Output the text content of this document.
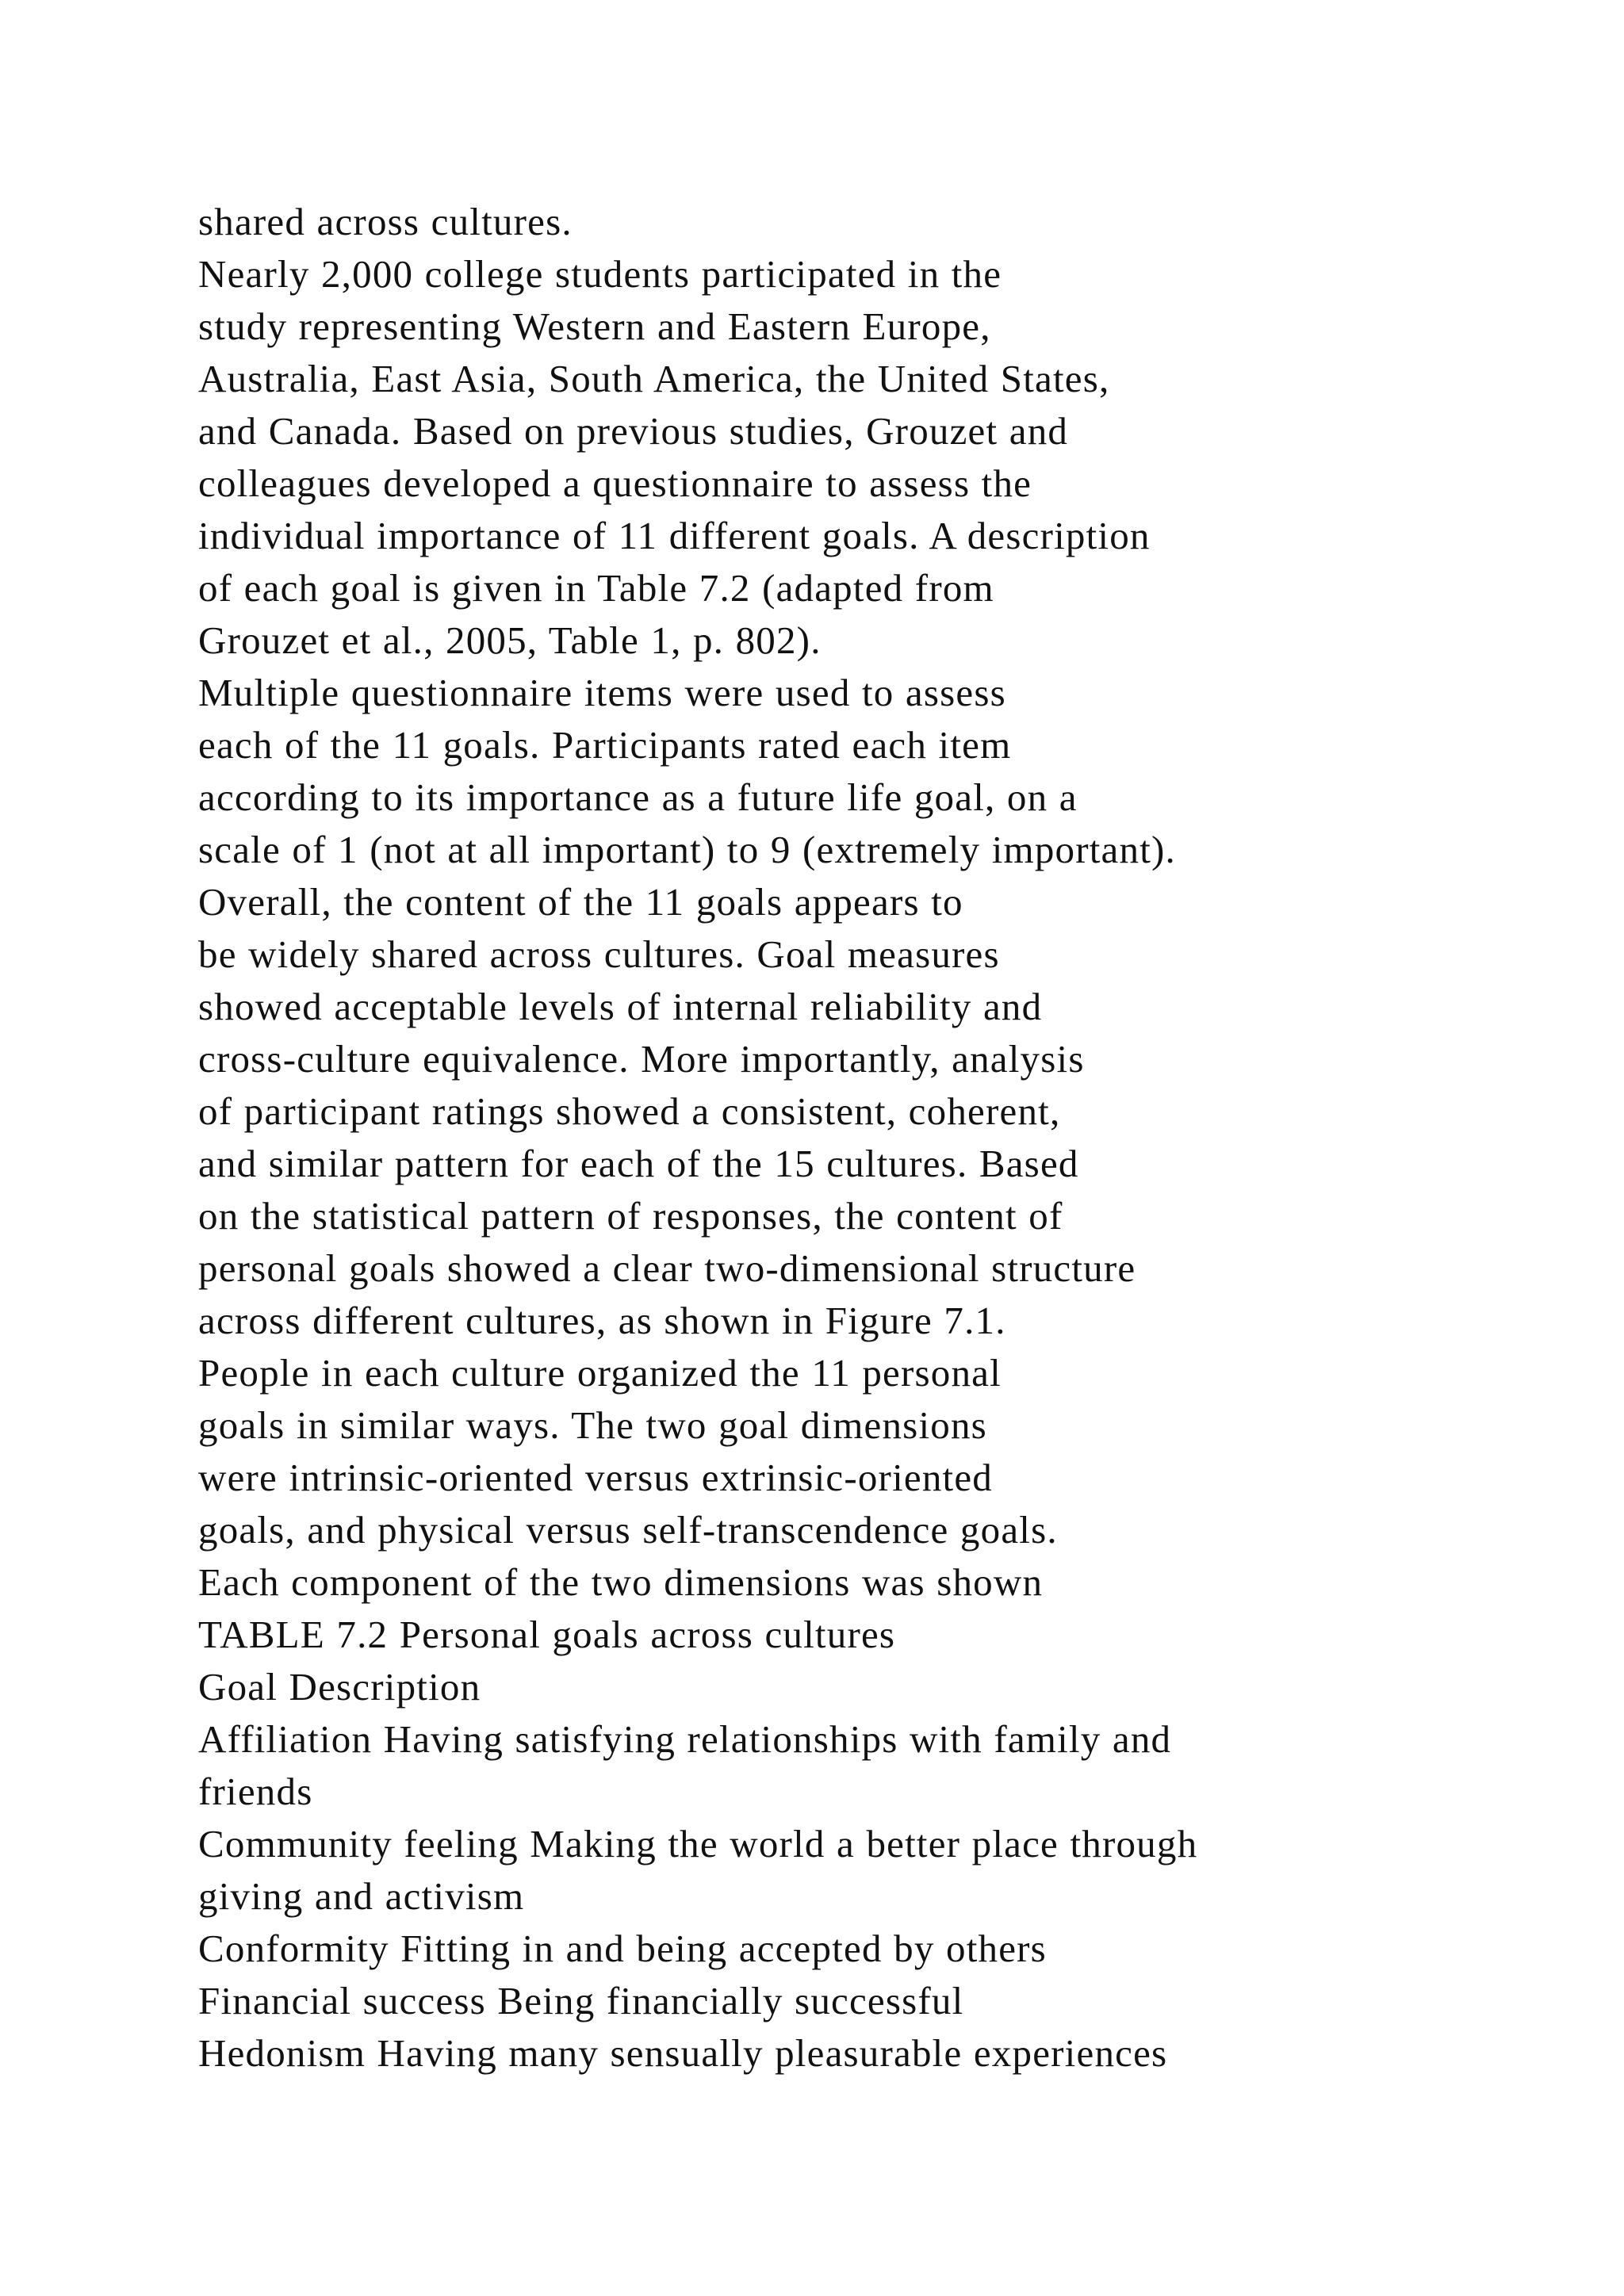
shared across cultures.
Nearly 2,000 college students participated in the
study representing Western and Eastern Europe,
Australia, East Asia, South America, the United States,
and Canada. Based on previous studies, Grouzet and
colleagues developed a questionnaire to assess the
individual importance of 11 different goals. A description
of each goal is given in Table 7.2 (adapted from
Grouzet et al., 2005, Table 1, p. 802).
Multiple questionnaire items were used to assess
each of the 11 goals. Participants rated each item
according to its importance as a future life goal, on a
scale of 1 (not at all important) to 9 (extremely important).
Overall, the content of the 11 goals appears to
be widely shared across cultures. Goal measures
showed acceptable levels of internal reliability and
cross-culture equivalence. More importantly, analysis
of participant ratings showed a consistent, coherent,
and similar pattern for each of the 15 cultures. Based
on the statistical pattern of responses, the content of
personal goals showed a clear two-dimensional structure
across different cultures, as shown in Figure 7.1.
People in each culture organized the 11 personal
goals in similar ways. The two goal dimensions
were intrinsic-oriented versus extrinsic-oriented
goals, and physical versus self-transcendence goals.
Each component of the two dimensions was shown
TABLE 7.2 Personal goals across cultures
Goal Description
Affiliation Having satisfying relationships with family and
friends
Community feeling Making the world a better place through
giving and activism
Conformity Fitting in and being accepted by others
Financial success Being financially successful
Hedonism Having many sensually pleasurable experiences
